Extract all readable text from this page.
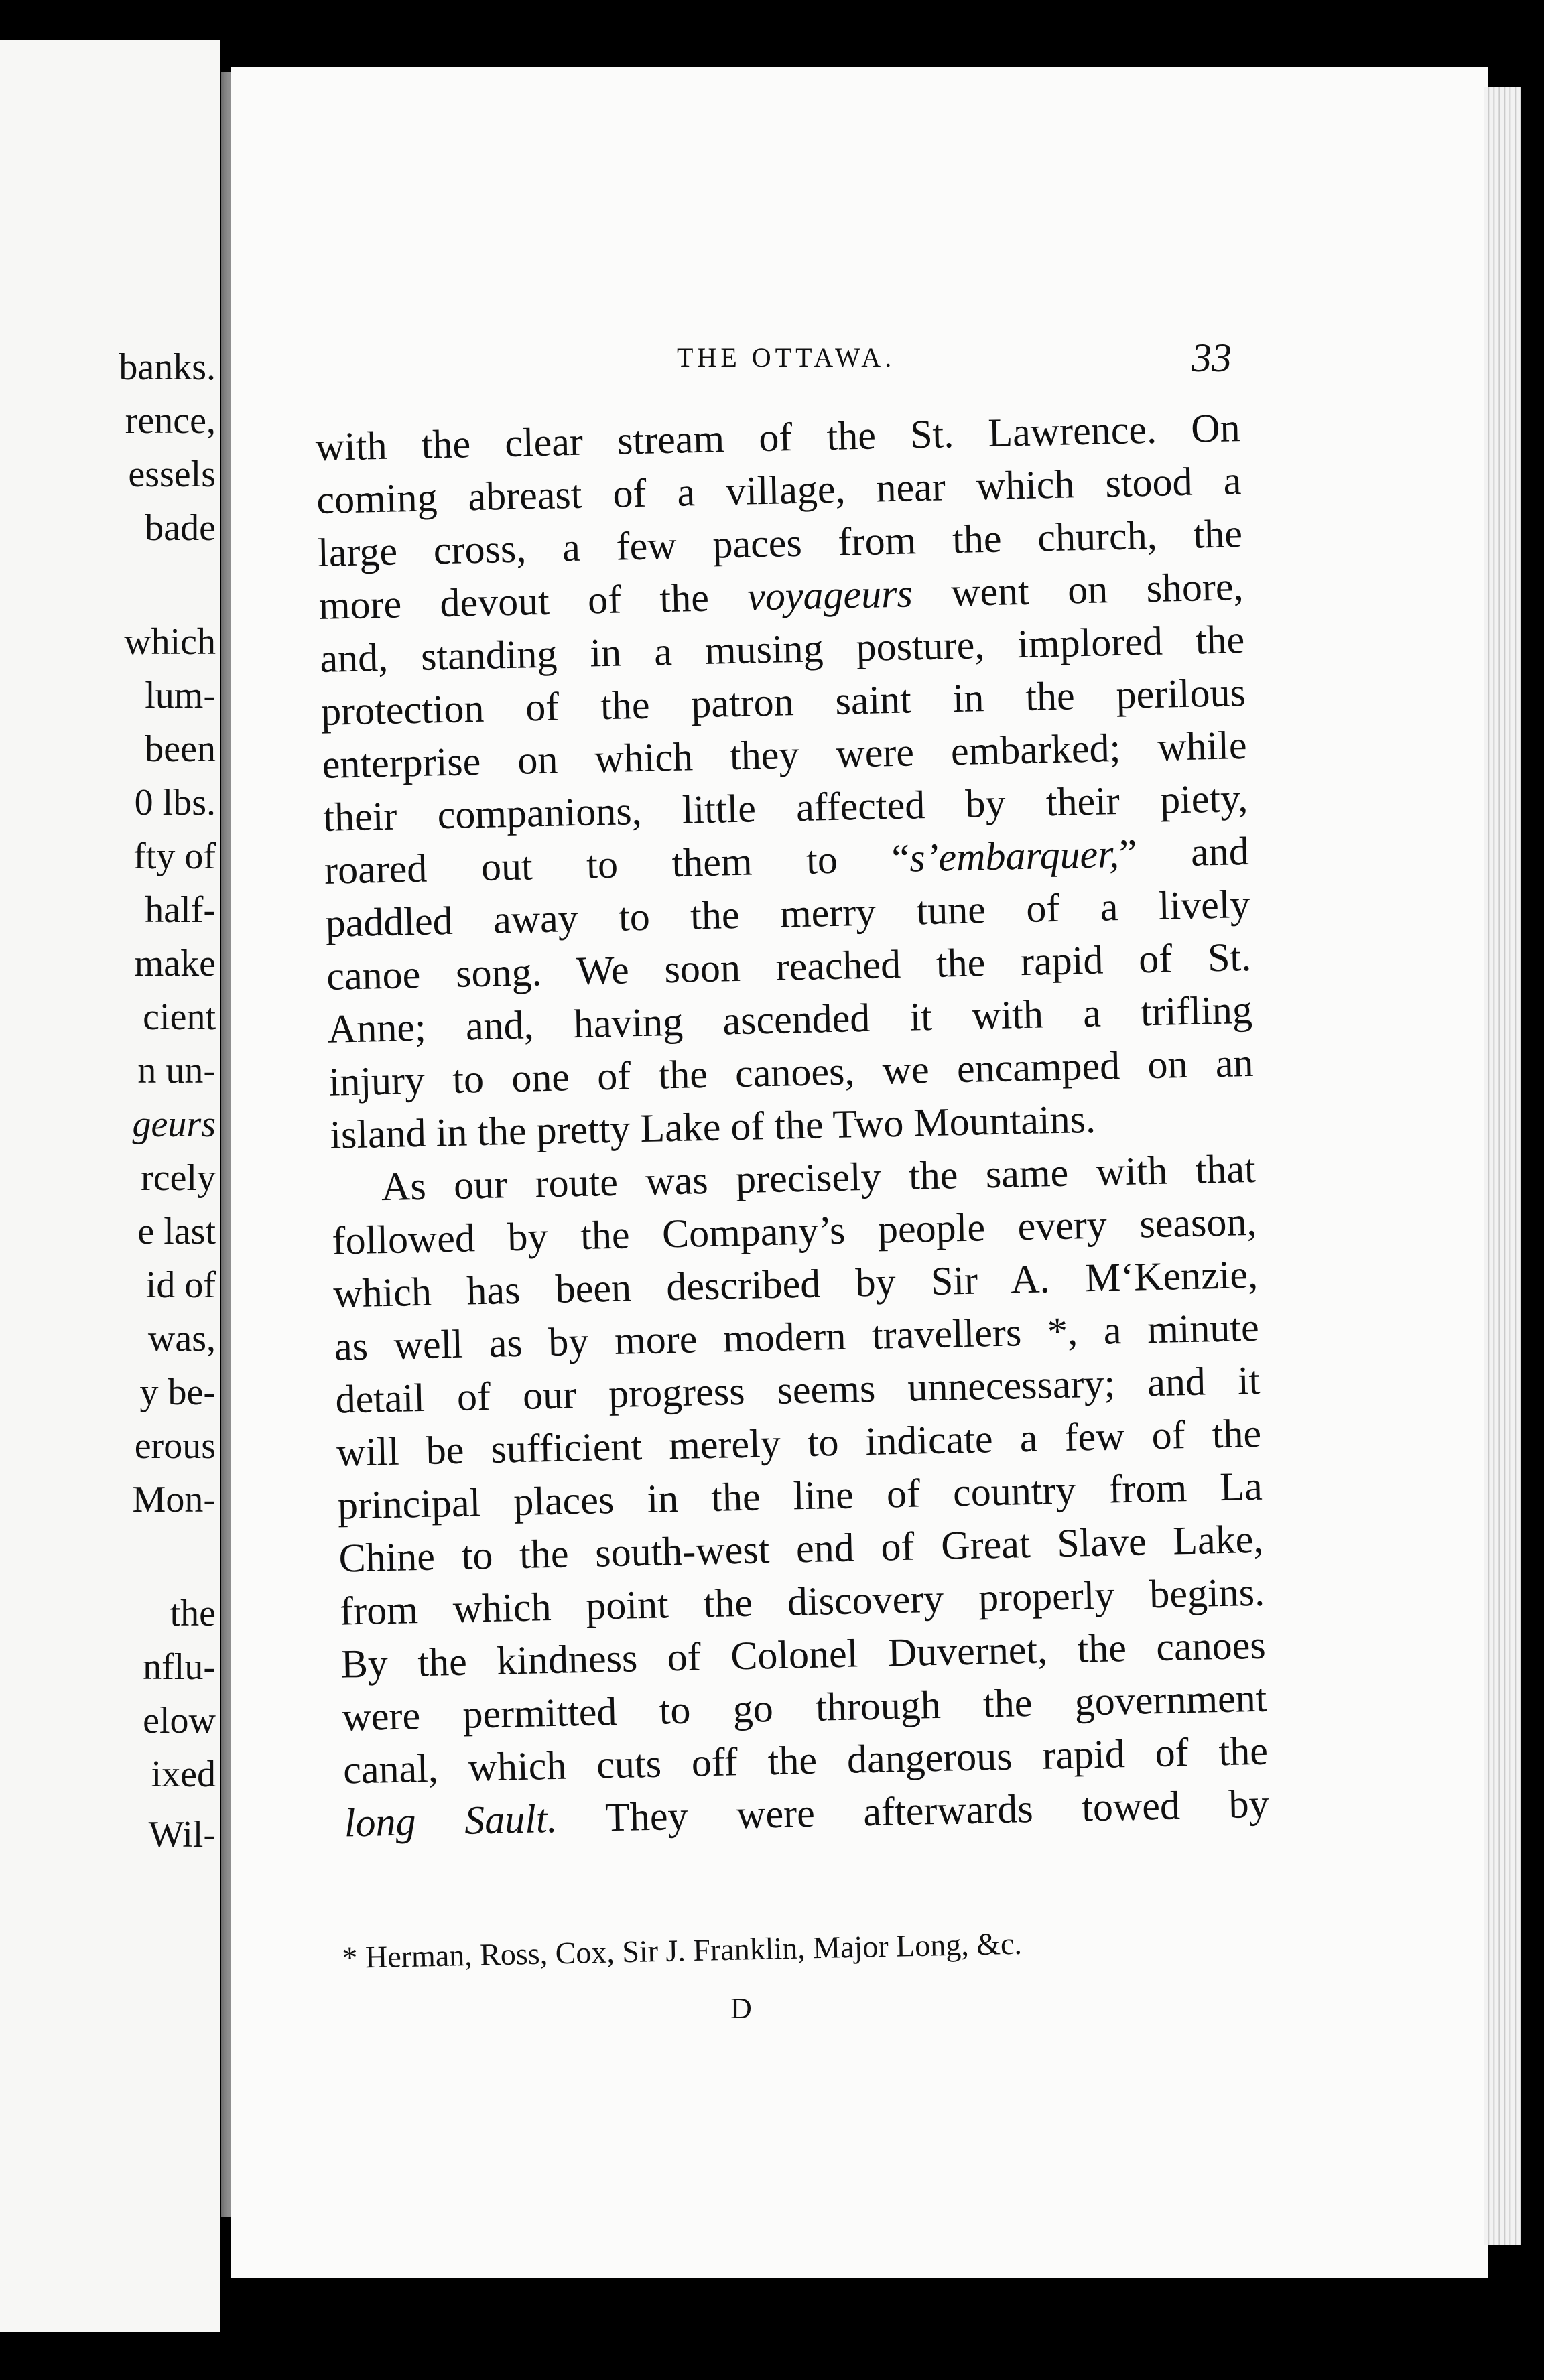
banks.
rence,
essels
bade
which
lum-
been
0 lbs.
fty of
half-
make
cient
n un-
geurs
rcely
e last
id of
was,
y be-
erous
Mon-
the
nflu-
elow
ixed
Wil-
THE OTTAWA.	33
with the clear stream of the St. Lawrence. On
coming abreast of a village, near which stood a
large cross, a few paces from the church, the
more devout of the voyageurs went on shore,
and, standing in a musing posture, implored the
protection of the patron saint in the perilous
enterprise on which they were embarked; while
their companions, little affected by their piety,
roared out to them to “s’embarquer,” and
paddled away to the merry tune of a lively
canoe song. We soon reached the rapid of St.
Anne; and, having ascended it with a trifling
injury to one of the canoes, we encamped on an
island in the pretty Lake of the Two Mountains.
As our route was precisely the same with that
followed by the Company’s people every season,
which has been described by Sir A. M‘Kenzie,
as well as by more modern travellers *, a minute
detail of our progress seems unnecessary; and it
will be sufficient merely to indicate a few of the
principal places in the line of country from La
Chine to the south-west end of Great Slave Lake,
from which point the discovery properly begins.
By the kindness of Colonel Duvernet, the canoes
were permitted to go through the government
canal, which cuts off the dangerous rapid of the
long Sault. They were afterwards towed by
* Herman, Ross, Cox, Sir J. Franklin, Major Long, &c.
D
